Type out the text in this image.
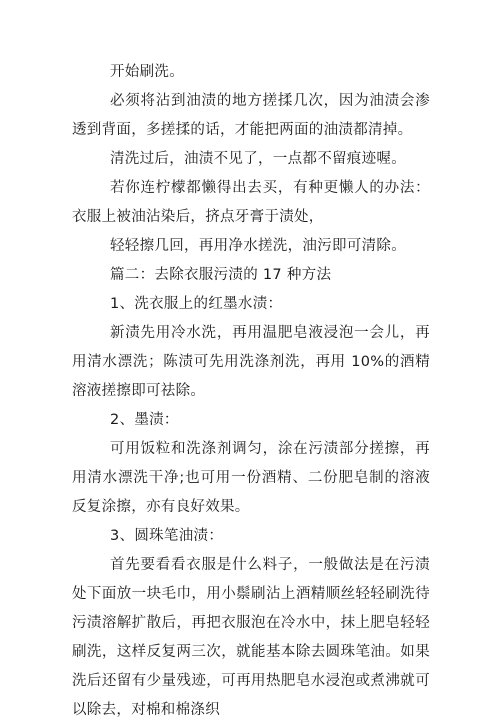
开始刷洗。

必须将沾到油渍的地方搓揉几次，因为油渍会渗透到背面，多搓揉的话，才能把两面的油渍都清掉。

清洗过后，油渍不见了，一点都不留痕迹喔。

若你连柠檬都懒得出去买，有种更懒人的办法：衣服上被油沾染后，挤点牙膏于渍处，

轻轻擦几回，再用净水搓洗，油污即可清除。

篇二：去除衣服污渍的 17 种方法

1、洗衣服上的红墨水渍：

新渍先用冷水洗，再用温肥皂液浸泡一会儿，再用清水漂洗；陈渍可先用洗涤剂洗，再用 10%的酒精溶液搓擦即可祛除。

2、墨渍：

可用饭粒和洗涤剂调匀，涂在污渍部分搓擦，再用清水漂洗干净;也可用一份酒精、二份肥皂制的溶液反复涂擦，亦有良好效果。

3、圆珠笔油渍：

首先要看看衣服是什么料子，一般做法是在污渍处下面放一块毛巾，用小鬃刷沾上酒精顺丝轻轻刷洗待污渍溶解扩散后，再把衣服泡在冷水中，抹上肥皂轻轻刷洗，这样反复两三次，就能基本除去圆珠笔油。如果洗后还留有少量残迹，可再用热肥皂水浸泡或煮沸就可以除去，对棉和棉涤织
